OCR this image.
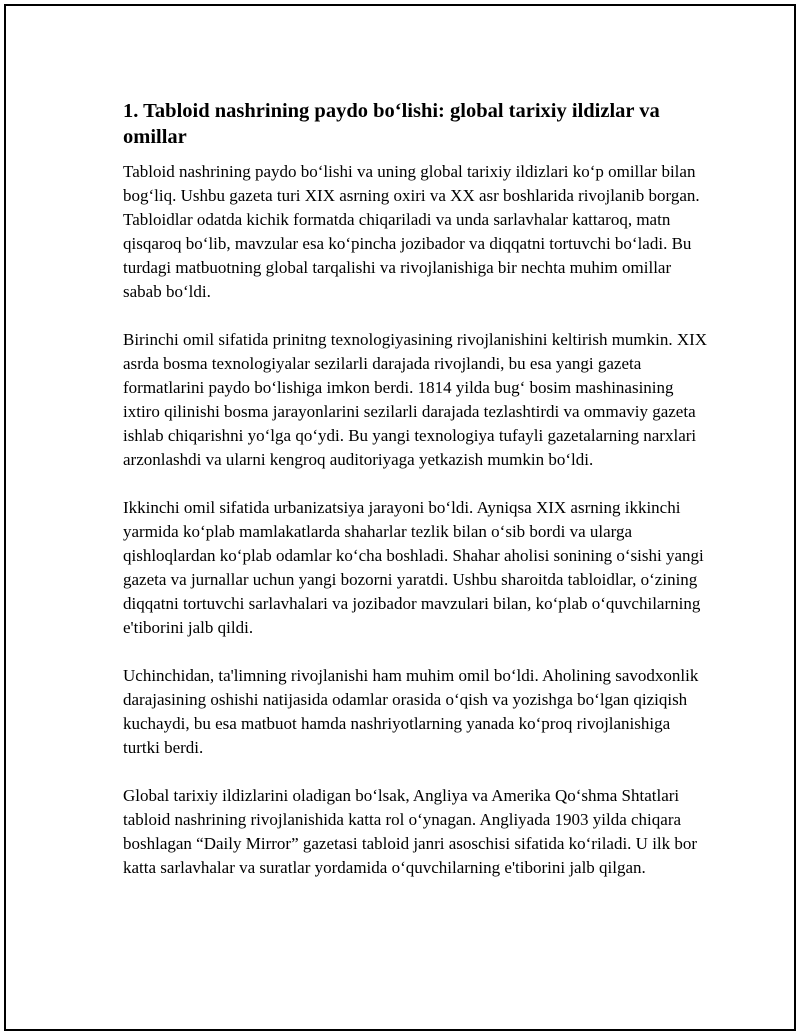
1. Tabloid nashrining paydo bo‘lishi: global tarixiy ildizlar va omillar

Tabloid nashrining paydo bo‘lishi va uning global tarixiy ildizlari ko‘p omillar bilan bog‘liq. Ushbu gazeta turi XIX asrning oxiri va XX asr boshlarida rivojlanib borgan. Tabloidlar odatda kichik formatda chiqariladi va unda sarlavhalar kattaroq, matn qisqaroq bo‘lib, mavzular esa ko‘pincha jozibador va diqqatni tortuvchi bo‘ladi. Bu turdagi matbuotning global tarqalishi va rivojlanishiga bir nechta muhim omillar sabab bo‘ldi.

Birinchi omil sifatida prinitng texnologiyasining rivojlanishini keltirish mumkin. XIX asrda bosma texnologiyalar sezilarli darajada rivojlandi, bu esa yangi gazeta formatlarini paydo bo‘lishiga imkon berdi. 1814 yilda bug‘ bosim mashinasining ixtiro qilinishi bosma jarayonlarini sezilarli darajada tezlashtirdi va ommaviy gazeta ishlab chiqarishni yo‘lga qo‘ydi. Bu yangi texnologiya tufayli gazetalarning narxlari arzonlashdi va ularni kengroq auditoriyaga yetkazish mumkin bo‘ldi.

Ikkinchi omil sifatida urbanizatsiya jarayoni bo‘ldi. Ayniqsa XIX asrning ikkinchi yarmida ko‘plab mamlakatlarda shaharlar tezlik bilan o‘sib bordi va ularga qishloqlardan ko‘plab odamlar ko‘cha boshladi. Shahar aholisi sonining o‘sishi yangi gazeta va jurnallar uchun yangi bozorni yaratdi. Ushbu sharoitda tabloidlar, o‘zining diqqatni tortuvchi sarlavhalari va jozibador mavzulari bilan, ko‘plab o‘quvchilarning e'tiborini jalb qildi.

Uchinchidan, ta'limning rivojlanishi ham muhim omil bo‘ldi. Aholining savodxonlik darajasining oshishi natijasida odamlar orasida o‘qish va yozishga bo‘lgan qiziqish kuchaydi, bu esa matbuot hamda nashriyotlarning yanada ko‘proq rivojlanishiga turtki berdi.

Global tarixiy ildizlarini oladigan bo‘lsak, Angliya va Amerika Qo‘shma Shtatlari tabloid nashrining rivojlanishida katta rol o‘ynagan. Angliyada 1903 yilda chiqara boshlagan “Daily Mirror” gazetasi tabloid janri asoschisi sifatida ko‘riladi. U ilk bor katta sarlavhalar va suratlar yordamida o‘quvchilarning e'tiborini jalb qilgan.
